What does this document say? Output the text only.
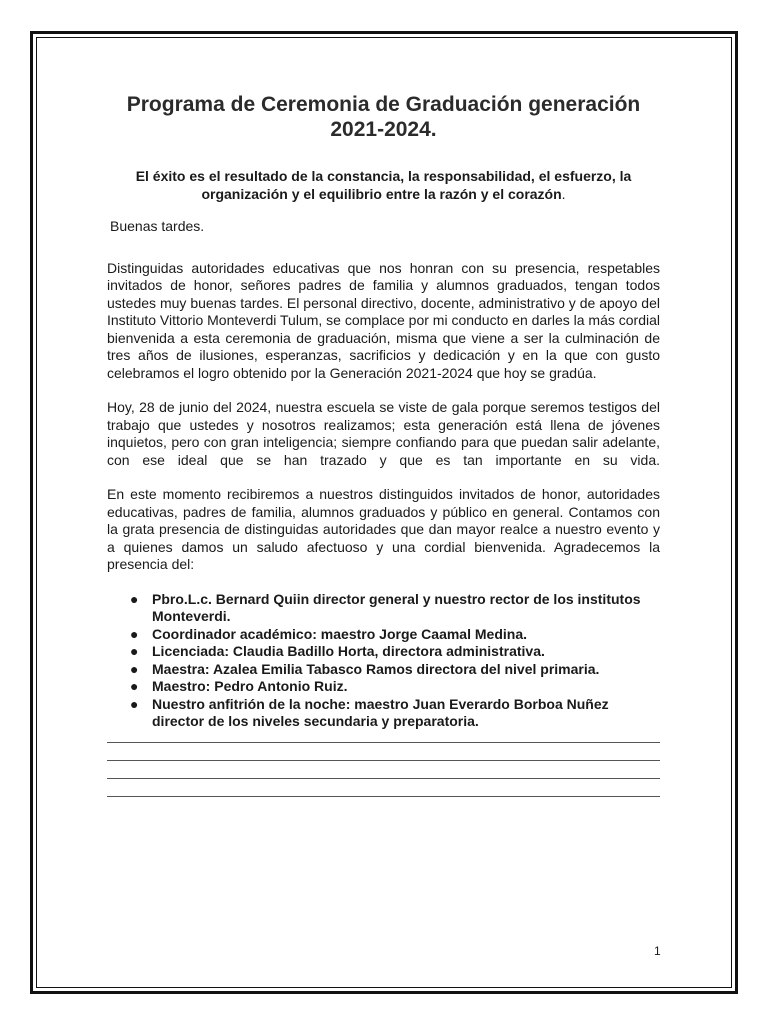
Programa de Ceremonia de Graduación generación 2021-2024.
El éxito es el resultado de la constancia, la responsabilidad, el esfuerzo, la organización y el equilibrio entre la razón y el corazón.
Buenas tardes.

Distinguidas autoridades educativas que nos honran con su presencia, respetables invitados de honor, señores padres de familia y alumnos graduados, tengan todos ustedes muy buenas tardes. El personal directivo, docente, administrativo y de apoyo del Instituto Vittorio Monteverdi Tulum, se complace por mi conducto en darles la más cordial bienvenida a esta ceremonia de graduación, misma que viene a ser la culminación de tres años de ilusiones, esperanzas, sacrificios y dedicación y en la que con gusto celebramos el logro obtenido por la Generación 2021-2024 que hoy se gradúa.

Hoy, 28 de junio del 2024, nuestra escuela se viste de gala porque seremos testigos del trabajo que ustedes y nosotros realizamos; esta generación está llena de jóvenes inquietos, pero con gran inteligencia; siempre confiando para que puedan salir adelante, con ese ideal que se han trazado y que es tan importante en su vida.

En este momento recibiremos a nuestros distinguidos invitados de honor, autoridades educativas, padres de familia, alumnos graduados y público en general. Contamos con la grata presencia de distinguidas autoridades que dan mayor realce a nuestro evento y a quienes damos un saludo afectuoso y una cordial bienvenida. Agradecemos la presencia del:

● Pbro.L.c. Bernard Quiin director general y nuestro rector de los institutos Monteverdi.
● Coordinador académico: maestro Jorge Caamal Medina.
● Licenciada: Claudia Badillo Horta, directora administrativa.
● Maestra: Azalea Emilia Tabasco Ramos directora del nivel primaria.
● Maestro: Pedro Antonio Ruiz.
● Nuestro anfitrión de la noche: maestro Juan Everardo Borboa Nuñez director de los niveles secundaria y preparatoria.
1
